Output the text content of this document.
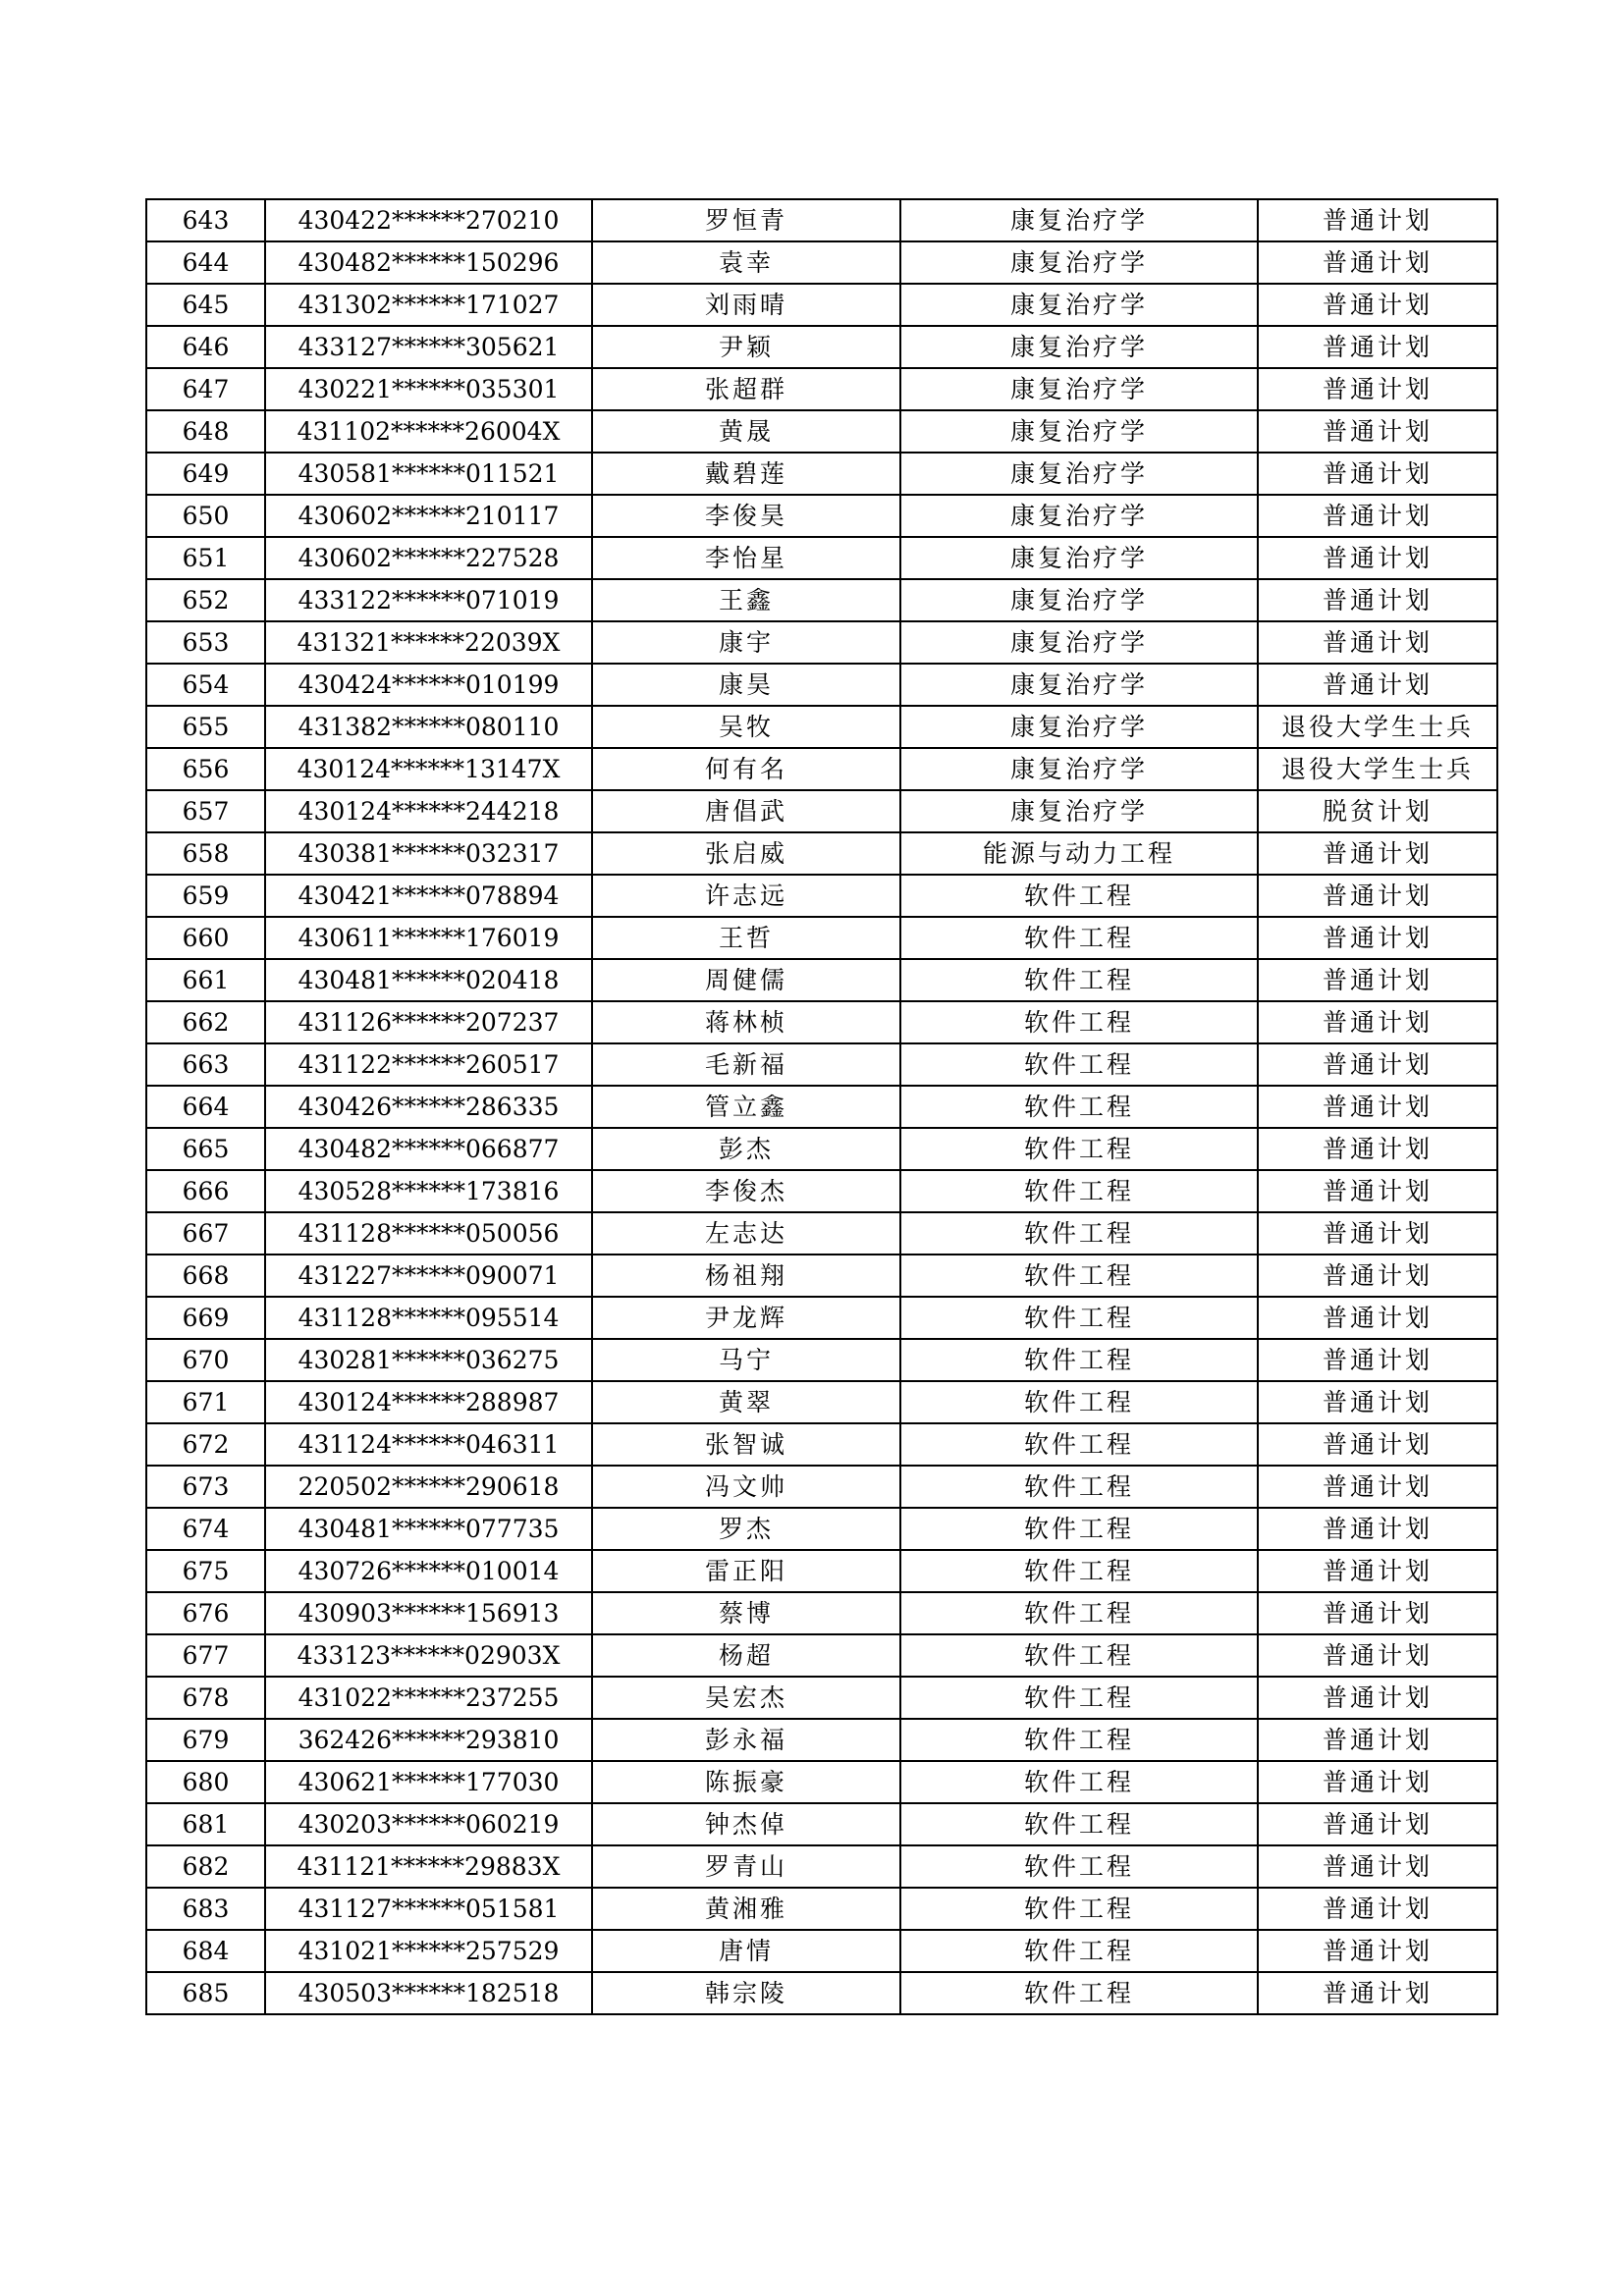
643	430422******270210	罗恒青	康复治疗学	普通计划
644	430482******150296	袁幸	康复治疗学	普通计划
645	431302******171027	刘雨晴	康复治疗学	普通计划
646	433127******305621	尹颖	康复治疗学	普通计划
647	430221******035301	张超群	康复治疗学	普通计划
648	431102******26004X	黄晟	康复治疗学	普通计划
649	430581******011521	戴碧莲	康复治疗学	普通计划
650	430602******210117	李俊昊	康复治疗学	普通计划
651	430602******227528	李怡星	康复治疗学	普通计划
652	433122******071019	王鑫	康复治疗学	普通计划
653	431321******22039X	康宇	康复治疗学	普通计划
654	430424******010199	康昊	康复治疗学	普通计划
655	431382******080110	吴牧	康复治疗学	退役大学生士兵
656	430124******13147X	何有名	康复治疗学	退役大学生士兵
657	430124******244218	唐倡武	康复治疗学	脱贫计划
658	430381******032317	张启威	能源与动力工程	普通计划
659	430421******078894	许志远	软件工程	普通计划
660	430611******176019	王哲	软件工程	普通计划
661	430481******020418	周健儒	软件工程	普通计划
662	431126******207237	蒋林桢	软件工程	普通计划
663	431122******260517	毛新福	软件工程	普通计划
664	430426******286335	管立鑫	软件工程	普通计划
665	430482******066877	彭杰	软件工程	普通计划
666	430528******173816	李俊杰	软件工程	普通计划
667	431128******050056	左志达	软件工程	普通计划
668	431227******090071	杨祖翔	软件工程	普通计划
669	431128******095514	尹龙辉	软件工程	普通计划
670	430281******036275	马宁	软件工程	普通计划
671	430124******288987	黄翠	软件工程	普通计划
672	431124******046311	张智诚	软件工程	普通计划
673	220502******290618	冯文帅	软件工程	普通计划
674	430481******077735	罗杰	软件工程	普通计划
675	430726******010014	雷正阳	软件工程	普通计划
676	430903******156913	蔡博	软件工程	普通计划
677	433123******02903X	杨超	软件工程	普通计划
678	431022******237255	吴宏杰	软件工程	普通计划
679	362426******293810	彭永福	软件工程	普通计划
680	430621******177030	陈振豪	软件工程	普通计划
681	430203******060219	钟杰倬	软件工程	普通计划
682	431121******29883X	罗青山	软件工程	普通计划
683	431127******051581	黄湘雅	软件工程	普通计划
684	431021******257529	唐情	软件工程	普通计划
685	430503******182518	韩宗陵	软件工程	普通计划
